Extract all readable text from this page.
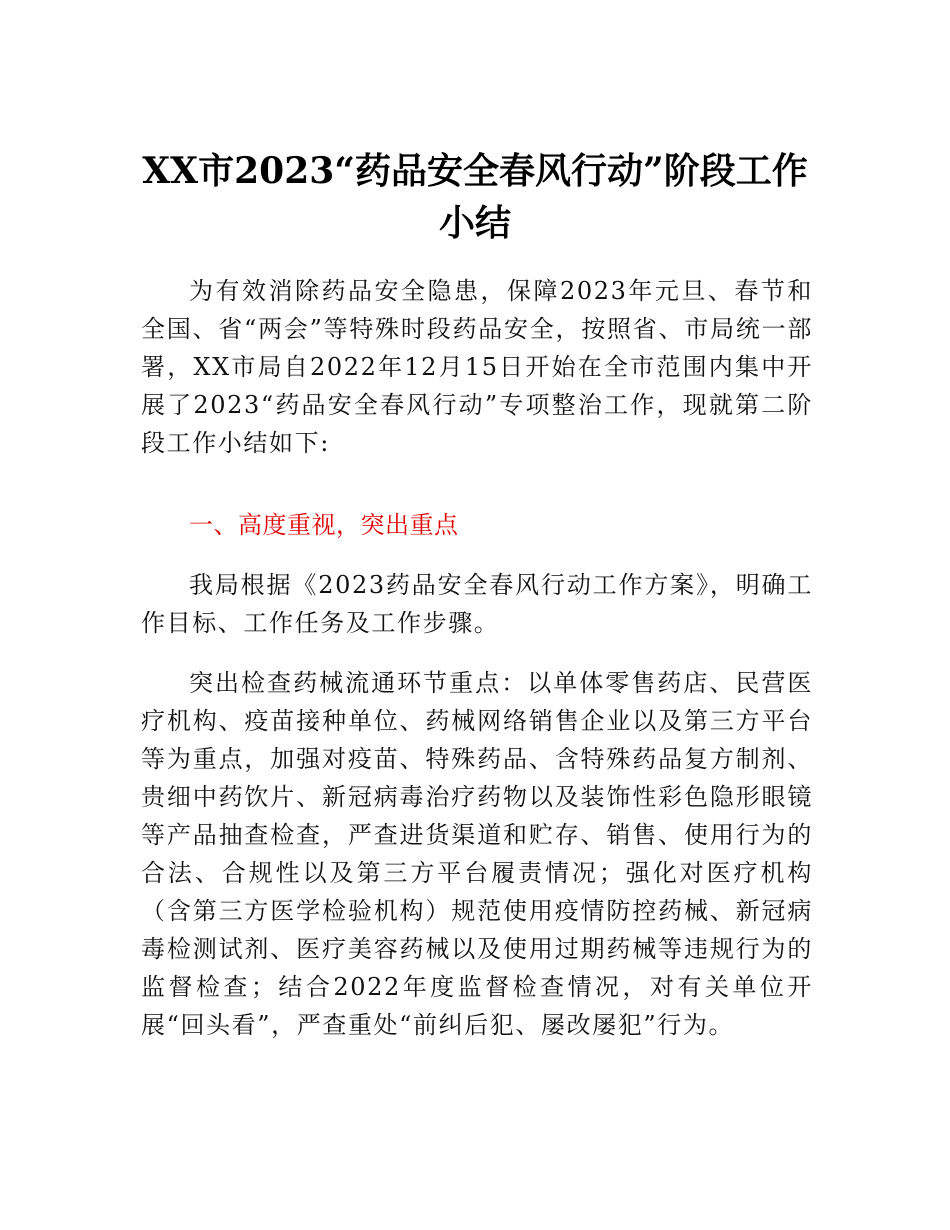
XX市2023“药品安全春风行动”阶段工作
小结

为有效消除药品安全隐患，保障2023年元旦、春节和全国、省“两会”等特殊时段药品安全，按照省、市局统一部署，XX市局自2022年12月15日开始在全市范围内集中开展了2023“药品安全春风行动”专项整治工作，现就第二阶段工作小结如下:

一、高度重视，突出重点

我局根据《2023药品安全春风行动工作方案》，明确工作目标、工作任务及工作步骤。

突出检查药械流通环节重点：以单体零售药店、民营医疗机构、疫苗接种单位、药械网络销售企业以及第三方平台等为重点，加强对疫苗、特殊药品、含特殊药品复方制剂、贵细中药饮片、新冠病毒治疗药物以及装饰性彩色隐形眼镜等产品抽查检查，严查进货渠道和贮存、销售、使用行为的合法、合规性以及第三方平台履责情况；强化对医疗机构（含第三方医学检验机构）规范使用疫情防控药械、新冠病毒检测试剂、医疗美容药械以及使用过期药械等违规行为的监督检查；结合2022年度监督检查情况，对有关单位开展“回头看”，严查重处“前纠后犯、屡改屡犯”行为。
